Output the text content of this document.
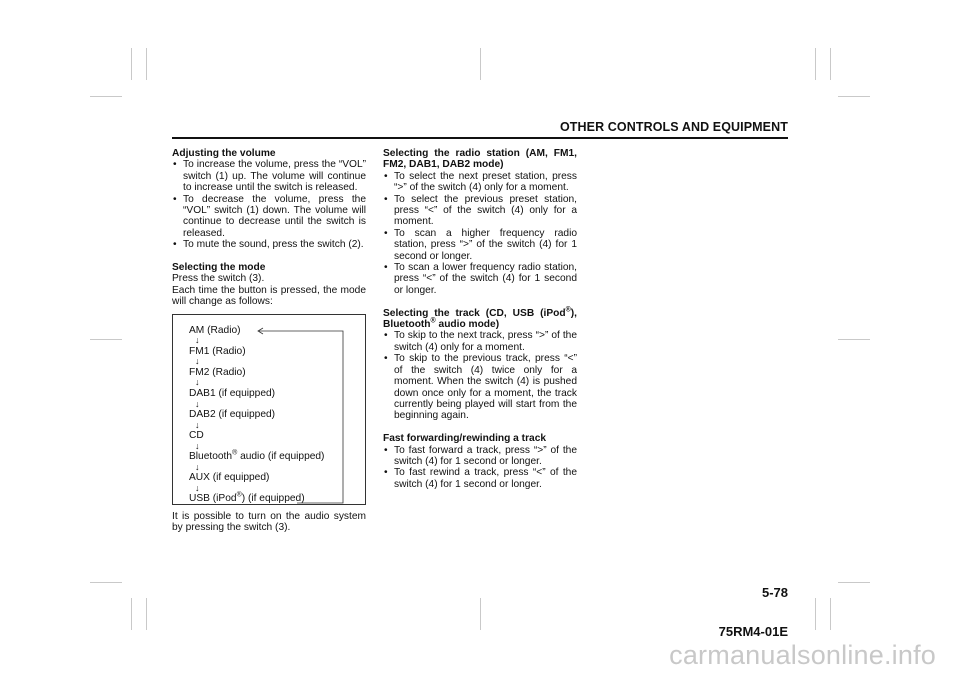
OTHER CONTROLS AND EQUIPMENT
Adjusting the volume
• To increase the volume, press the “VOL” switch (1) up. The volume will continue to increase until the switch is released.
• To decrease the volume, press the “VOL” switch (1) down. The volume will continue to decrease until the switch is released.
• To mute the sound, press the switch (2).
Selecting the mode
Press the switch (3).
Each time the button is pressed, the mode will change as follows:
AM (Radio)
↓
FM1 (Radio)
↓
FM2 (Radio)
↓
DAB1 (if equipped)
↓
DAB2 (if equipped)
↓
CD
↓
Bluetooth® audio (if equipped)
↓
AUX (if equipped)
↓
USB (iPod®) (if equipped)
It is possible to turn on the audio system by pressing the switch (3).
Selecting the radio station (AM, FM1, FM2, DAB1, DAB2 mode)
• To select the next preset station, press “>” of the switch (4) only for a moment.
• To select the previous preset station, press “<” of the switch (4) only for a moment.
• To scan a higher frequency radio station, press “>” of the switch (4) for 1 second or longer.
• To scan a lower frequency radio station, press “<” of the switch (4) for 1 second or longer.
Selecting the track (CD, USB (iPod®), Bluetooth® audio mode)
• To skip to the next track, press “>” of the switch (4) only for a moment.
• To skip to the previous track, press “<” of the switch (4) twice only for a moment. When the switch (4) is pushed down once only for a moment, the track currently being played will start from the beginning again.
Fast forwarding/rewinding a track
• To fast forward a track, press “>” of the switch (4) for 1 second or longer.
• To fast rewind a track, press “<” of the switch (4) for 1 second or longer.
5-78
75RM4-01E
carmanualsonline.info
